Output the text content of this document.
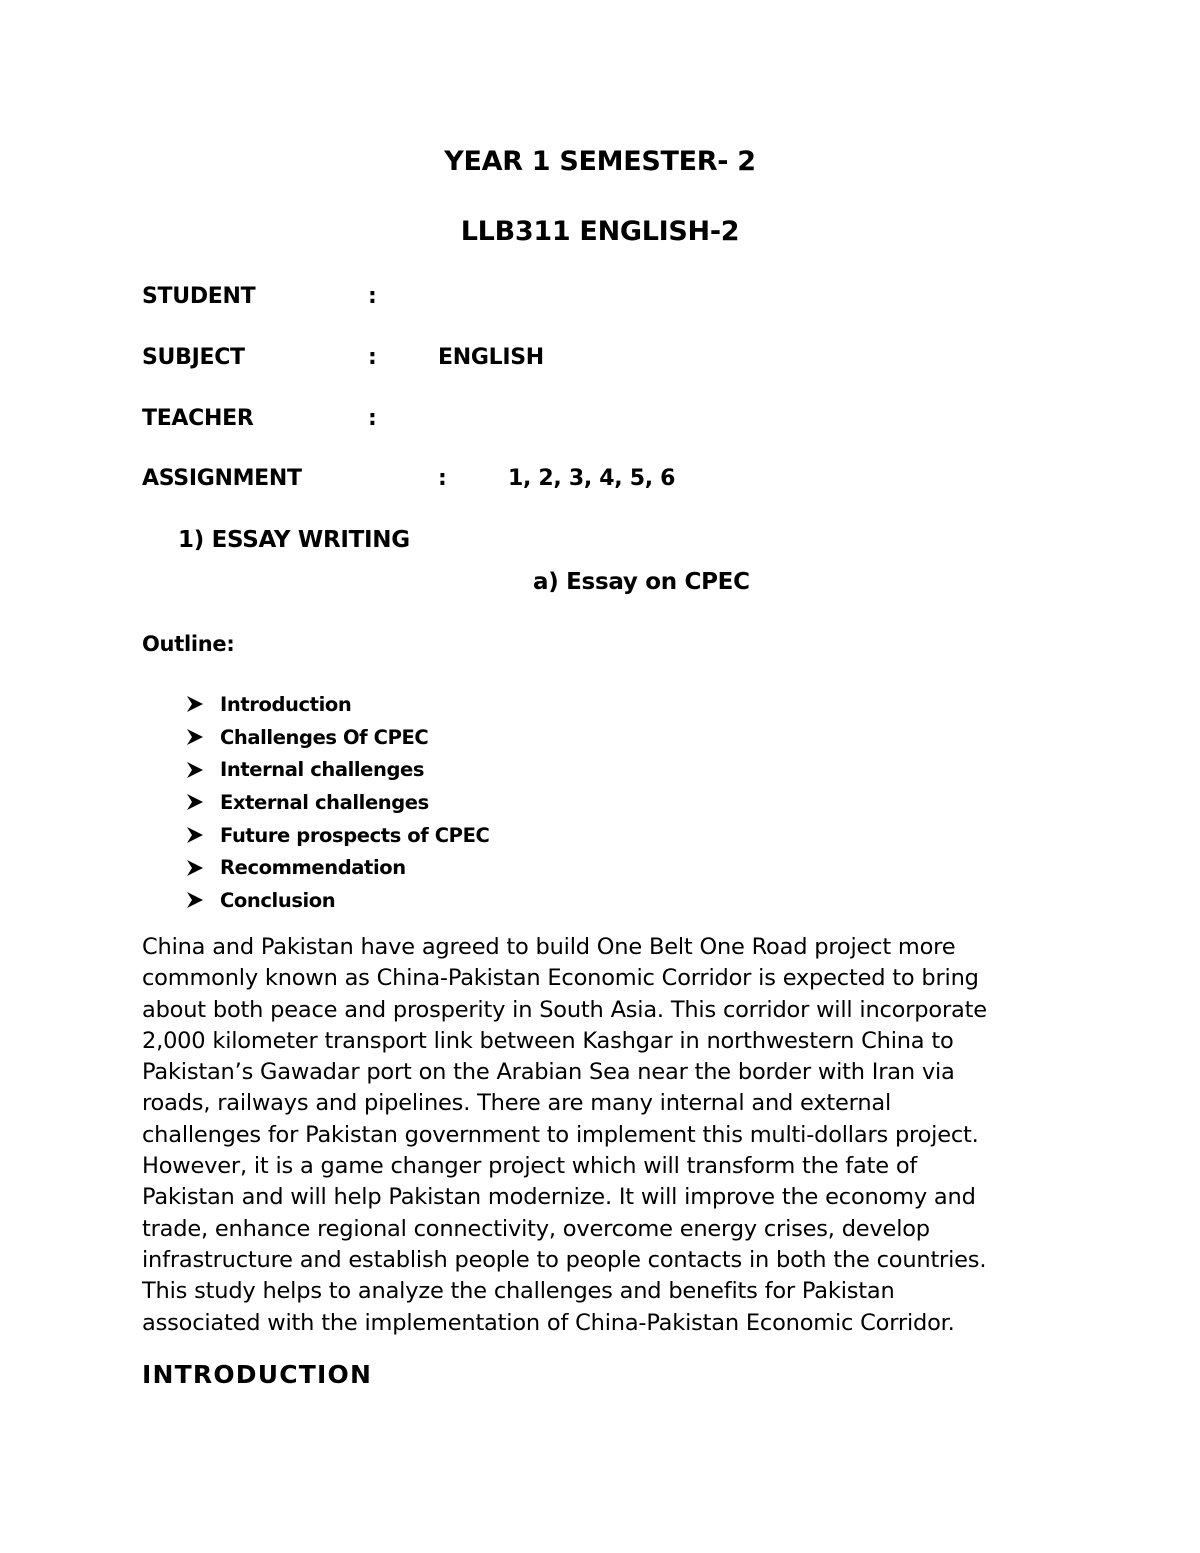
YEAR 1 SEMESTER- 2
LLB311 ENGLISH-2
STUDENT	:
SUBJECT	:	ENGLISH
TEACHER	:
ASSIGNMENT	:	1, 2, 3, 4, 5, 6
1) ESSAY WRITING
a) Essay on CPEC
Outline:
Introduction
Challenges Of CPEC
Internal challenges
External challenges
Future prospects of CPEC
Recommendation
Conclusion
China and Pakistan have agreed to build One Belt One Road project more
commonly known as China-Pakistan Economic Corridor is expected to bring
about both peace and prosperity in South Asia. This corridor will incorporate
2,000 kilometer transport link between Kashgar in northwestern China to
Pakistan’s Gawadar port on the Arabian Sea near the border with Iran via
roads, railways and pipelines. There are many internal and external
challenges for Pakistan government to implement this multi-dollars project.
However, it is a game changer project which will transform the fate of
Pakistan and will help Pakistan modernize. It will improve the economy and
trade, enhance regional connectivity, overcome energy crises, develop
infrastructure and establish people to people contacts in both the countries.
This study helps to analyze the challenges and benefits for Pakistan
associated with the implementation of China-Pakistan Economic Corridor.
INTRODUCTION
